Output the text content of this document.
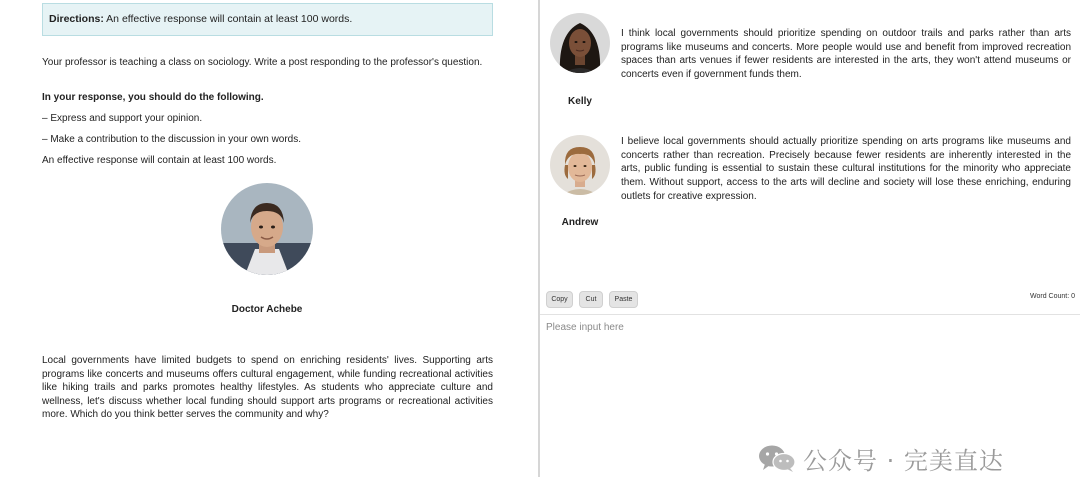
Directions: An effective response will contain at least 100 words.

Your professor is teaching a class on sociology. Write a post responding to the professor's question.

In your response, you should do the following.

– Express and support your opinion.

– Make a contribution to the discussion in your own words.

An effective response will contain at least 100 words.

Doctor Achebe

Local governments have limited budgets to spend on enriching residents' lives. Supporting arts programs like concerts and museums offers cultural engagement, while funding recreational activities like hiking trails and parks promotes healthy lifestyles. As students who appreciate culture and wellness, let's discuss whether local funding should support arts programs or recreational activities more. Which do you think better serves the community and why?

Kelly

I think local governments should prioritize spending on outdoor trails and parks rather than arts programs like museums and concerts. More people would use and benefit from improved recreation spaces than arts venues if fewer residents are interested in the arts, they won't attend museums or concerts even if government funds them.

Andrew

I believe local governments should actually prioritize spending on arts programs like museums and concerts rather than recreation. Precisely because fewer residents are inherently interested in the arts, public funding is essential to sustain these cultural institutions for the minority who appreciate them. Without support, access to the arts will decline and society will lose these enriching, enduring outlets for creative expression.

Copy	Cut	Paste	Word Count: 0
Please input here
公众号 · 完美直达
